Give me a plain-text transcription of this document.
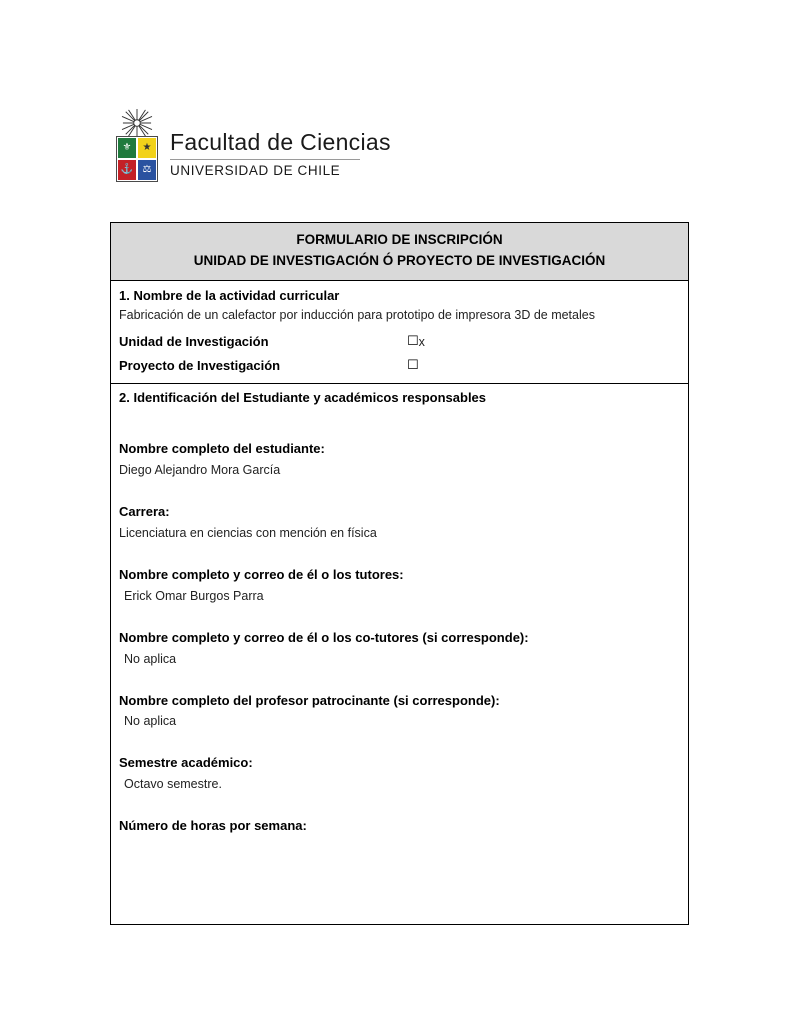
⚜ ★
⚓ ⚖
Facultad de Ciencias
UNIVERSIDAD DE CHILE
FORMULARIO DE INSCRIPCIÓN
UNIDAD DE INVESTIGACIÓN Ó PROYECTO DE INVESTIGACIÓN
1. Nombre de la actividad curricular
Fabricación de un calefactor por inducción para prototipo de impresora 3D de metales
Unidad de Investigación	☐ x
Proyecto de Investigación	☐
2. Identificación del Estudiante y académicos responsables
Nombre completo del estudiante:
Diego Alejandro Mora García
Carrera:
Licenciatura en ciencias con mención en física
Nombre completo y correo de él o los tutores:
Erick Omar Burgos Parra
Nombre completo y correo de él o los co-tutores (si corresponde):
No aplica
Nombre completo del profesor patrocinante (si corresponde):
No aplica
Semestre académico:
Octavo semestre.
Número de horas por semana:
